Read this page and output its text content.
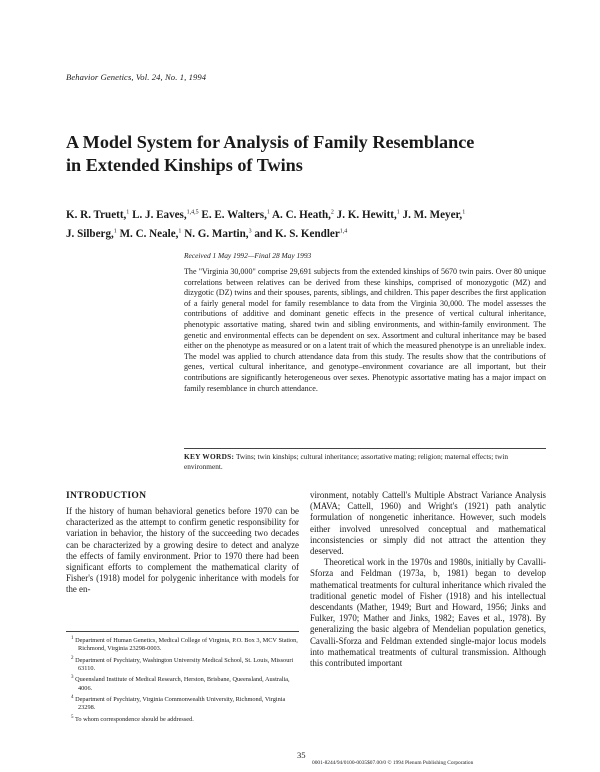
Behavior Genetics, Vol. 24, No. 1, 1994
A Model System for Analysis of Family Resemblance
in Extended Kinships of Twins
K. R. Truett,$^1$ L. J. Eaves,$^{1,4,5}$ E. E. Walters,$^1$ A. C. Heath,$^2$ J. K. Hewitt,$^1$ J. M. Meyer,$^1$
J. Silberg,$^1$ M. C. Neale,$^1$ N. G. Martin,$^3$ and K. S. Kendler$^{1,4}$
Received 1 May 1992—Final 28 May 1993

The "Virginia 30,000" comprise 29,691 subjects from the extended kinships of 5670 twin pairs. Over 80 unique correlations between relatives can be derived from these kinships, comprised of monozygotic (MZ) and dizygotic (DZ) twins and their spouses, parents, siblings, and children. This paper describes the first application of a fairly general model for family resemblance to data from the Virginia 30,000. The model assesses the contributions of additive and dominant genetic effects in the presence of vertical cultural inheritance, phenotypic assortative mating, shared twin and sibling environments, and within-family environment. The genetic and environmental effects can be dependent on sex. Assortment and cultural inheritance may be based either on the phenotype as measured or on a latent trait of which the measured phenotype is an unreliable index. The model was applied to church attendance data from this study. The results show that the contributions of genes, vertical cultural inheritance, and genotype–environment covariance are all important, but their contributions are significantly heterogeneous over sexes. Phenotypic assortative mating has a major impact on family resemblance in church attendance.

KEY WORDS: Twins; twin kinships; cultural inheritance; assortative mating; religion; maternal effects; twin environment.
INTRODUCTION

If the history of human behavioral genetics before 1970 can be characterized as the attempt to confirm genetic responsibility for variation in behavior, the history of the succeeding two decades can be characterized by a growing desire to detect and analyze the effects of family environment. Prior to 1970 there had been significant efforts to complement the mathematical clarity of Fisher's (1918) model for polygenic inheritance with models for the en-

vironment, notably Cattell's Multiple Abstract Variance Analysis (MAVA; Cattell, 1960) and Wright's (1921) path analytic formulation of nongenetic inheritance. However, such models either involved unresolved conceptual and mathematical inconsistencies or simply did not attract the attention they deserved.

Theoretical work in the 1970s and 1980s, initially by Cavalli-Sforza and Feldman (1973a, b, 1981) began to develop mathematical treatments for cultural inheritance which rivaled the traditional genetic model of Fisher (1918) and his intellectual descendants (Mather, 1949; Burt and Howard, 1956; Jinks and Fulker, 1970; Mather and Jinks, 1982; Eaves et al., 1978). By generalizing the basic algebra of Mendelian population genetics, Cavalli-Sforza and Feldman extended single-major locus models into mathematical treatments of cultural transmission. Although this contributed important

$^1$ Department of Human Genetics, Medical College of Virginia, P.O. Box 3, MCV Station, Richmond, Virginia 23298-0003.

$^2$ Department of Psychiatry, Washington University Medical School, St. Louis, Missouri 63110.

$^3$ Queensland Institute of Medical Research, Herston, Brisbane, Queensland, Australia, 4006.

$^4$ Department of Psychiatry, Virginia Commonwealth University, Richmond, Virginia 23298.

$^5$ To whom correspondence should be addressed.

35
0001-8244/94/0100-0035$07.00/0 © 1994 Plenum Publishing Corporation
